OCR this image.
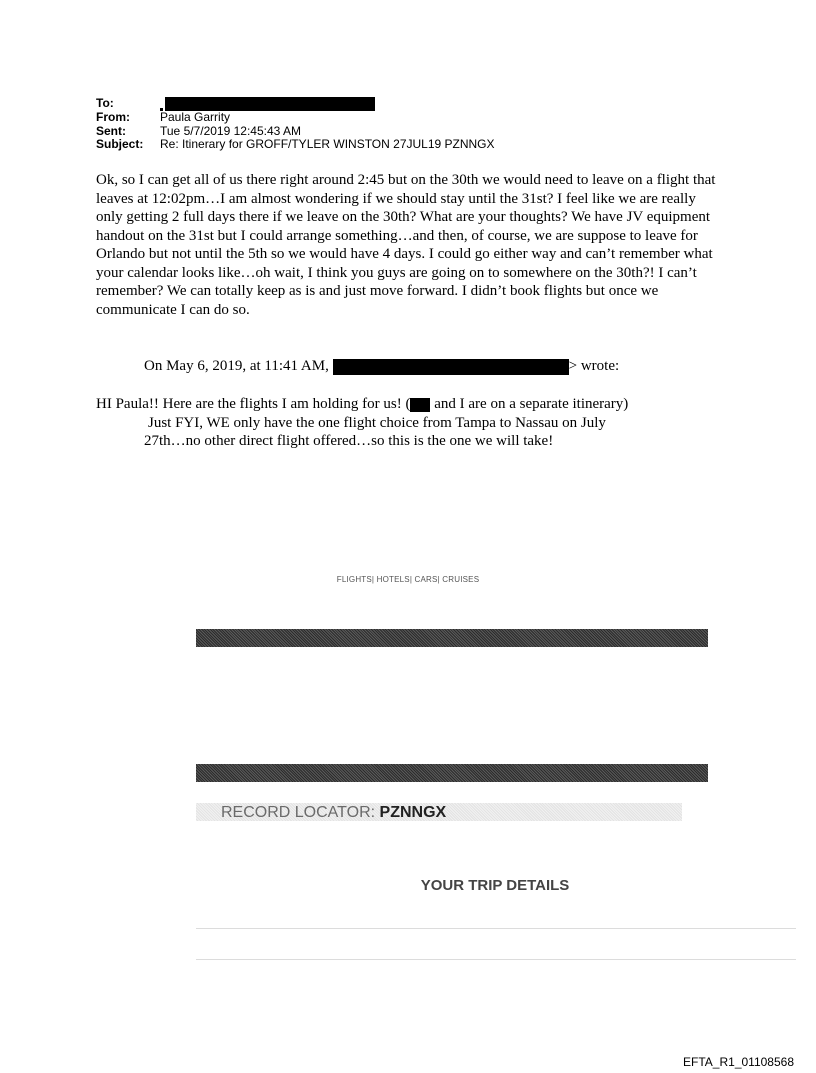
To:
From:	Paula Garrity
Sent:	Tue 5/7/2019 12:45:43 AM
Subject:	Re: Itinerary for GROFF/TYLER WINSTON 27JUL19 PZNNGX
Ok, so I can get all of us there right around 2:45 but on the 30th we would need to leave on a flight that leaves at 12:02pm…I am almost wondering if we should stay until the 31st? I feel like we are really only getting 2 full days there if we leave on the 30th? What are your thoughts? We have JV equipment handout on the 31st but I could arrange something…and then, of course, we are suppose to leave for Orlando but not until the 5th so we would have 4 days. I could go either way and can’t remember what your calendar looks like…oh wait, I think you guys are going on to somewhere on the 30th?! I can’t remember? We can totally keep as is and just move forward. I didn’t book flights but once we communicate I can do so.
On May 6, 2019, at 11:41 AM,	> wrote:
HI Paula!! Here are the flights I am holding for us! ( and I are on a separate itinerary)
Just FYI, WE only have the one flight choice from Tampa to Nassau on July
27th…no other direct flight offered…so this is the one we will take!
FLIGHTS| HOTELS| CARS| CRUISES
RECORD LOCATOR: PZNNGX
YOUR TRIP DETAILS
EFTA_R1_01108568
